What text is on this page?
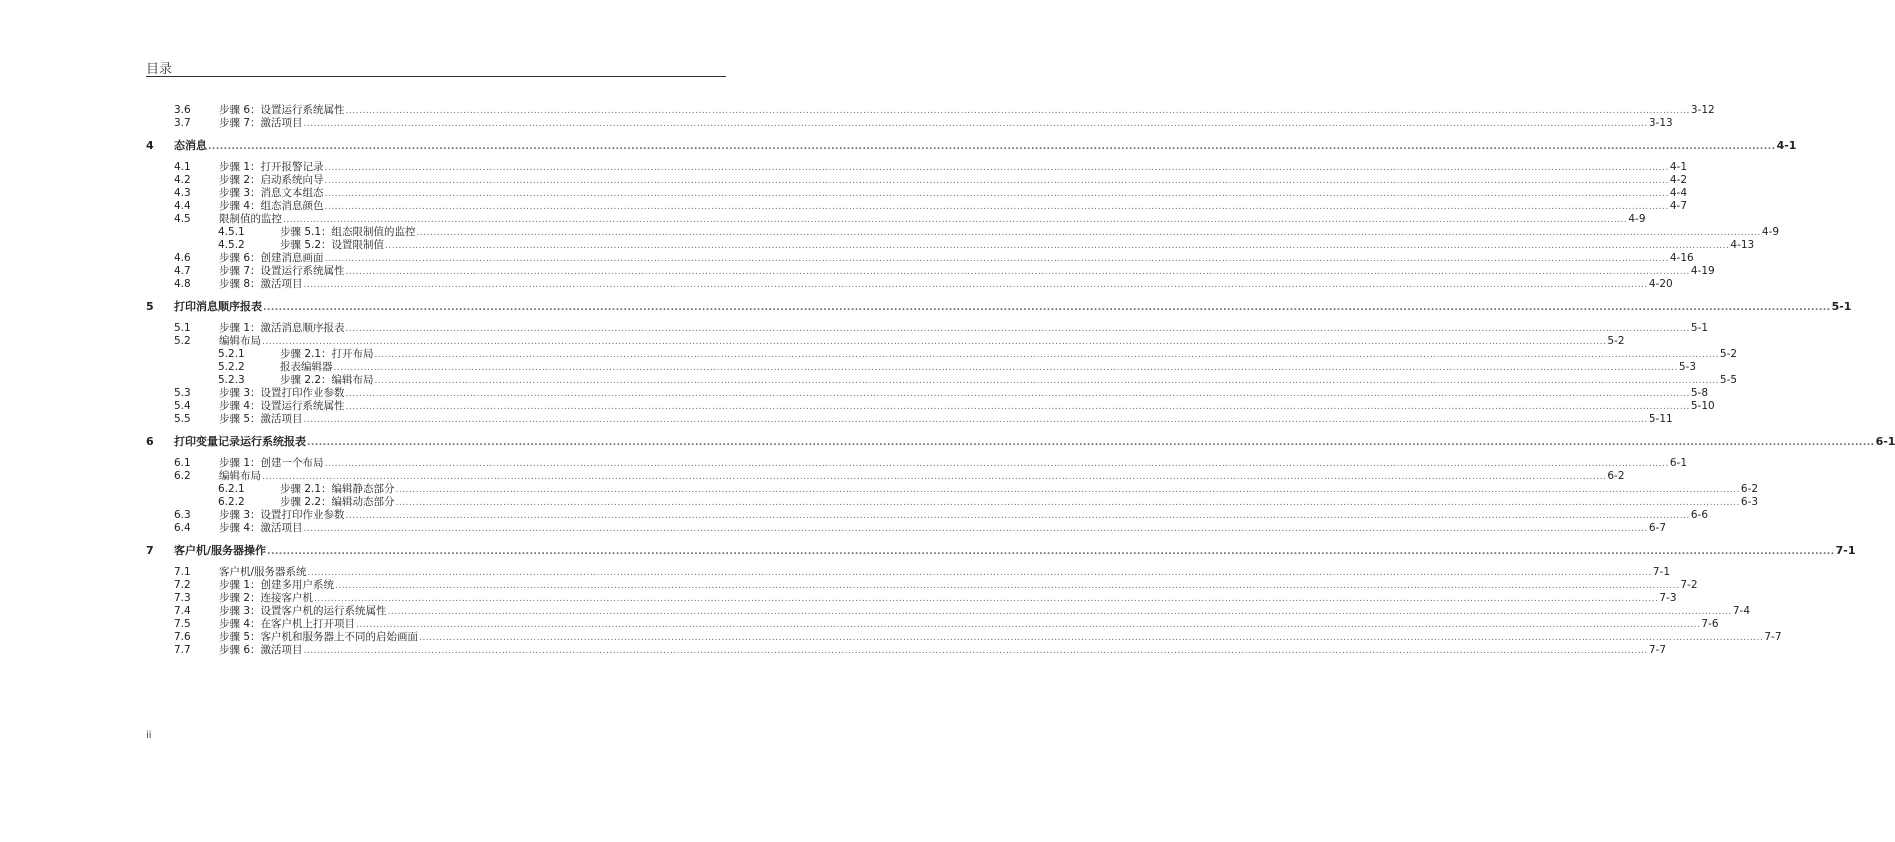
目录
3.6	步骤 6：设置运行系统属性 ................................................................................................................................................................................................................................................................................................................................................................................................................ 3-12
3.7	步骤 7：激活项目 ................................................................................................................................................................................................................................................................................................................................................................................................................ 3-13
4 态消息 ................................................................................................................................................................................................................................................................................................................................................................................................................ 4-1
4.1	步骤 1：打开报警记录 ................................................................................................................................................................................................................................................................................................................................................................................................................ 4-1
4.2	步骤 2：启动系统向导 ................................................................................................................................................................................................................................................................................................................................................................................................................ 4-2
4.3	步骤 3：消息文本组态 ................................................................................................................................................................................................................................................................................................................................................................................................................ 4-4
4.4	步骤 4：组态消息颜色 ................................................................................................................................................................................................................................................................................................................................................................................................................ 4-7
4.5	限制值的监控 ................................................................................................................................................................................................................................................................................................................................................................................................................ 4-9
4.5.1	步骤 5.1：组态限制值的监控 ................................................................................................................................................................................................................................................................................................................................................................................................................ 4-9
4.5.2	步骤 5.2：设置限制值 ................................................................................................................................................................................................................................................................................................................................................................................................................ 4-13
4.6	步骤 6：创建消息画面 ................................................................................................................................................................................................................................................................................................................................................................................................................ 4-16
4.7	步骤 7：设置运行系统属性 ................................................................................................................................................................................................................................................................................................................................................................................................................ 4-19
4.8	步骤 8：激活项目 ................................................................................................................................................................................................................................................................................................................................................................................................................ 4-20
5 打印消息顺序报表 ................................................................................................................................................................................................................................................................................................................................................................................................................ 5-1
5.1	步骤 1：激活消息顺序报表 ................................................................................................................................................................................................................................................................................................................................................................................................................ 5-1
5.2	编辑布局 ................................................................................................................................................................................................................................................................................................................................................................................................................ 5-2
5.2.1	步骤 2.1：打开布局 ................................................................................................................................................................................................................................................................................................................................................................................................................ 5-2
5.2.2	报表编辑器 ................................................................................................................................................................................................................................................................................................................................................................................................................ 5-3
5.2.3	步骤 2.2：编辑布局 ................................................................................................................................................................................................................................................................................................................................................................................................................ 5-5
5.3	步骤 3：设置打印作业参数 ................................................................................................................................................................................................................................................................................................................................................................................................................ 5-8
5.4	步骤 4：设置运行系统属性 ................................................................................................................................................................................................................................................................................................................................................................................................................ 5-10
5.5	步骤 5：激活项目 ................................................................................................................................................................................................................................................................................................................................................................................................................ 5-11
6 打印变量记录运行系统报表 ................................................................................................................................................................................................................................................................................................................................................................................................................ 6-1
6.1	步骤 1：创建一个布局 ................................................................................................................................................................................................................................................................................................................................................................................................................ 6-1
6.2	编辑布局 ................................................................................................................................................................................................................................................................................................................................................................................................................ 6-2
6.2.1	步骤 2.1：编辑静态部分 ................................................................................................................................................................................................................................................................................................................................................................................................................ 6-2
6.2.2	步骤 2.2：编辑动态部分 ................................................................................................................................................................................................................................................................................................................................................................................................................ 6-3
6.3	步骤 3：设置打印作业参数 ................................................................................................................................................................................................................................................................................................................................................................................................................ 6-6
6.4	步骤 4：激活项目 ................................................................................................................................................................................................................................................................................................................................................................................................................ 6-7
7 客户机/服务器操作 ................................................................................................................................................................................................................................................................................................................................................................................................................ 7-1
7.1	客户机/服务器系统 ................................................................................................................................................................................................................................................................................................................................................................................................................ 7-1
7.2	步骤 1：创建多用户系统 ................................................................................................................................................................................................................................................................................................................................................................................................................ 7-2
7.3	步骤 2：连接客户机 ................................................................................................................................................................................................................................................................................................................................................................................................................ 7-3
7.4	步骤 3：设置客户机的运行系统属性 ................................................................................................................................................................................................................................................................................................................................................................................................................ 7-4
7.5	步骤 4：在客户机上打开项目 ................................................................................................................................................................................................................................................................................................................................................................................................................ 7-6
7.6	步骤 5：客户机和服务器上不同的启始画面 ................................................................................................................................................................................................................................................................................................................................................................................................................ 7-7
7.7	步骤 6：激活项目 ................................................................................................................................................................................................................................................................................................................................................................................................................ 7-7
ii
